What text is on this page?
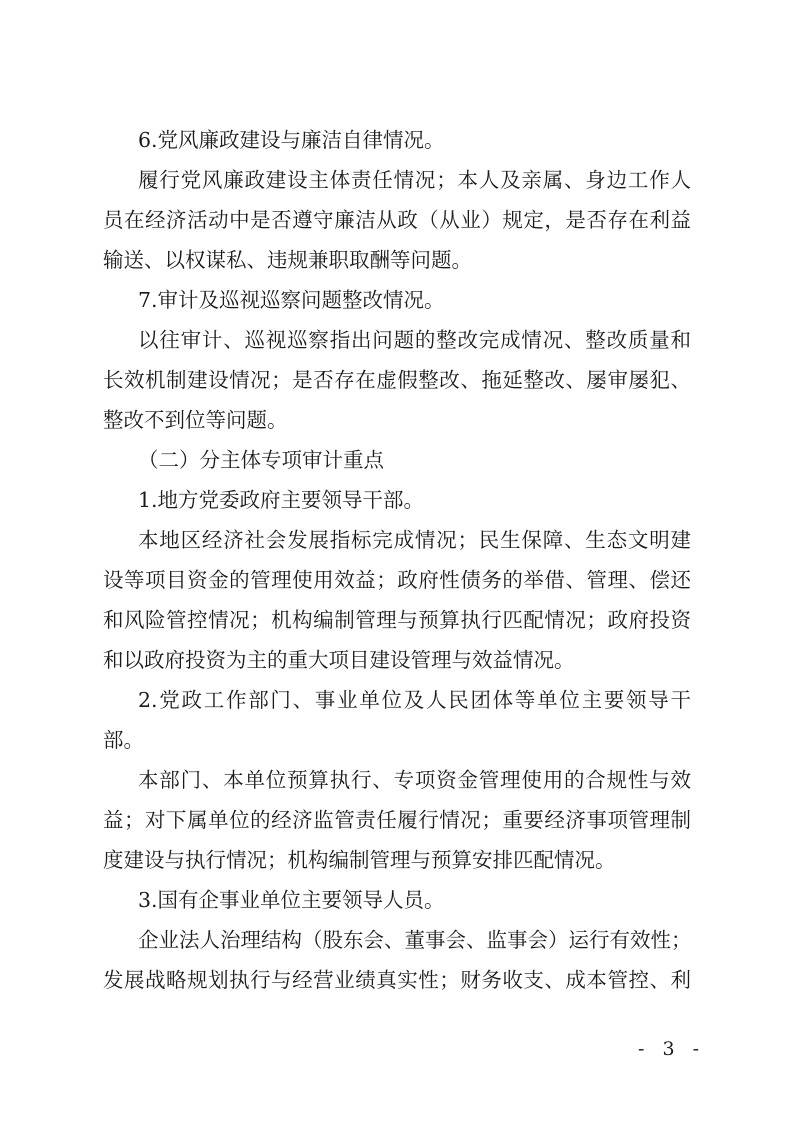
6.党风廉政建设与廉洁自律情况。
履行党风廉政建设主体责任情况；本人及亲属、身边工作人
员在经济活动中是否遵守廉洁从政（从业）规定，是否存在利益
输送、以权谋私、违规兼职取酬等问题。
7.审计及巡视巡察问题整改情况。
以往审计、巡视巡察指出问题的整改完成情况、整改质量和
长效机制建设情况；是否存在虚假整改、拖延整改、屡审屡犯、
整改不到位等问题。
（二）分主体专项审计重点
1.地方党委政府主要领导干部。
本地区经济社会发展指标完成情况；民生保障、生态文明建
设等项目资金的管理使用效益；政府性债务的举借、管理、偿还
和风险管控情况；机构编制管理与预算执行匹配情况；政府投资
和以政府投资为主的重大项目建设管理与效益情况。
2.党政工作部门、事业单位及人民团体等单位主要领导干
部。
本部门、本单位预算执行、专项资金管理使用的合规性与效
益；对下属单位的经济监管责任履行情况；重要经济事项管理制
度建设与执行情况；机构编制管理与预算安排匹配情况。
3.国有企事业单位主要领导人员。
企业法人治理结构（股东会、董事会、监事会）运行有效性；
发展战略规划执行与经营业绩真实性；财务收支、成本管控、利
- 3 -
